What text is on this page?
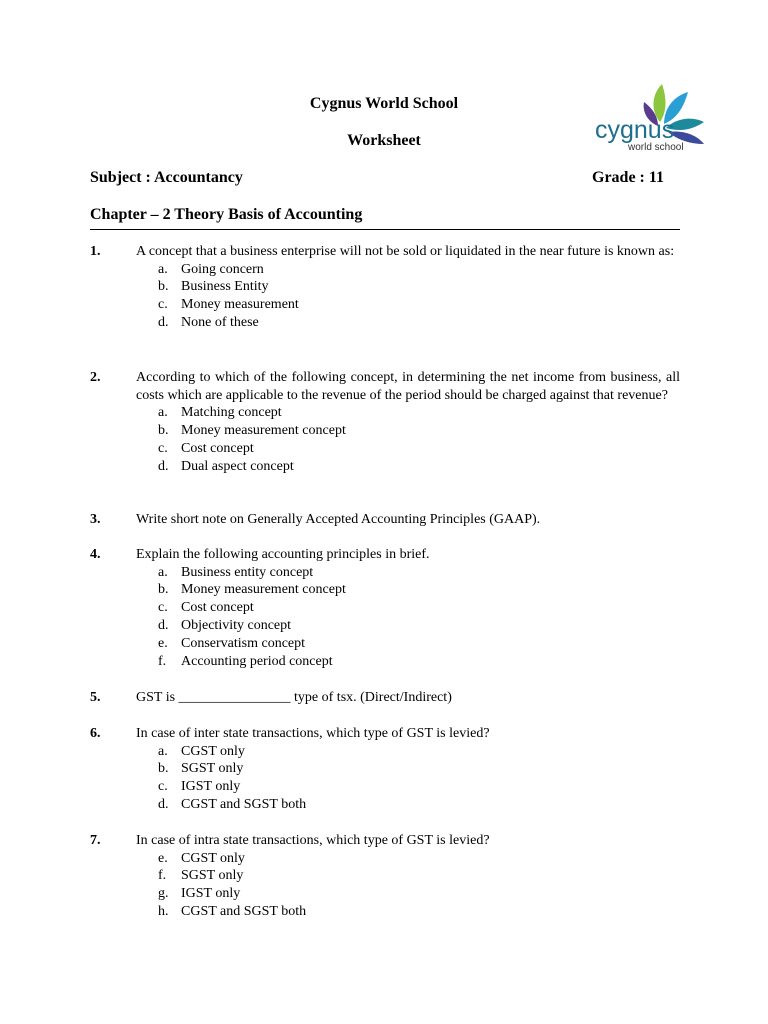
Cygnus World School
Worksheet	cygnus
world school
Subject : Accountancy	Grade : 11
Chapter – 2 Theory Basis of Accounting
1.	A concept that a business enterprise will not be sold or liquidated in the near future is known as:
a. Going concern
b. Business Entity
c. Money measurement
d. None of these
2.	According to which of the following concept, in determining the net income from business, all costs which are applicable to the revenue of the period should be charged against that revenue?
a. Matching concept
b. Money measurement concept
c. Cost concept
d. Dual aspect concept
3.	Write short note on Generally Accepted Accounting Principles (GAAP).
4.	Explain the following accounting principles in brief.
a. Business entity concept
b. Money measurement concept
c. Cost concept
d. Objectivity concept
e. Conservatism concept
f.	Accounting period concept
5.	GST is ________________ type of tsx. (Direct/Indirect)
6.	In case of inter state transactions, which type of GST is levied?
a. CGST only
b. SGST only
c. IGST only
d. CGST and SGST both
7.	In case of intra state transactions, which type of GST is levied?
e. CGST only
f.	SGST only
g. IGST only
h. CGST and SGST both
